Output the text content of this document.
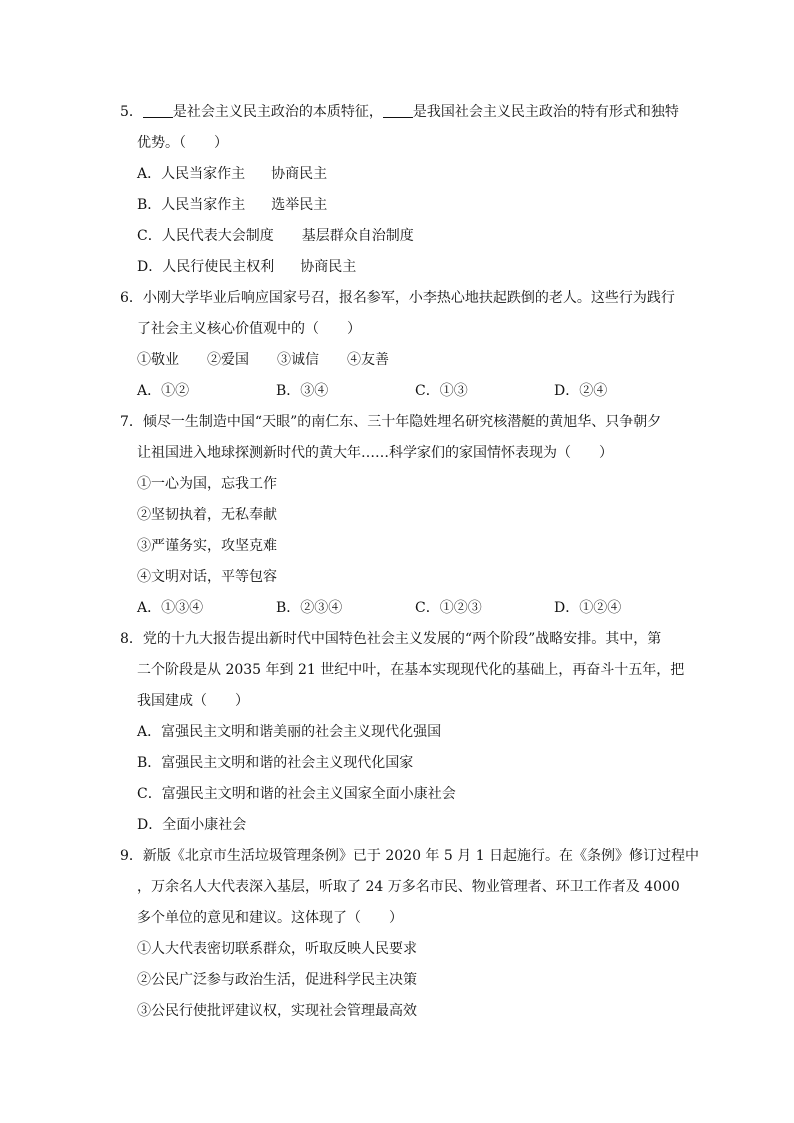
5． 是社会主义民主政治的本质特征， 是我国社会主义民主政治的特有形式和独特
优势。（　　）
A．人民当家作主 协商民主
B．人民当家作主 选举民主
C．人民代表大会制度 基层群众自治制度
D．人民行使民主权利 协商民主
6．小刚大学毕业后响应国家号召，报名参军，小李热心地扶起跌倒的老人。这些行为践行
了社会主义核心价值观中的（　　）
①敬业 ②爱国 ③诚信 ④友善
A．①②	B．③④	C．①③	D．②④
7．倾尽一生制造中国“天眼”的南仁东、三十年隐姓埋名研究核潜艇的黄旭华、只争朝夕
让祖国进入地球探测新时代的黄大年……科学家们的家国情怀表现为（　　）
①一心为国，忘我工作
②坚韧执着，无私奉献
③严谨务实，攻坚克难
④文明对话，平等包容
A．①③④	B．②③④	C．①②③	D．①②④
8．党的十九大报告提出新时代中国特色社会主义发展的“两个阶段”战略安排。其中，第
二个阶段是从 2035 年到 21 世纪中叶，在基本实现现代化的基础上，再奋斗十五年，把
我国建成（　　）
A．富强民主文明和谐美丽的社会主义现代化强国
B．富强民主文明和谐的社会主义现代化国家
C．富强民主文明和谐的社会主义国家全面小康社会
D．全面小康社会
9．新版《北京市生活垃圾管理条例》已于 2020 年 5 月 1 日起施行。在《条例》修订过程中
，万余名人大代表深入基层，听取了 24 万多名市民、物业管理者、环卫工作者及 4000
多个单位的意见和建议。这体现了（　　）
①人大代表密切联系群众，听取反映人民要求
②公民广泛参与政治生活，促进科学民主决策
③公民行使批评建议权，实现社会管理最高效
